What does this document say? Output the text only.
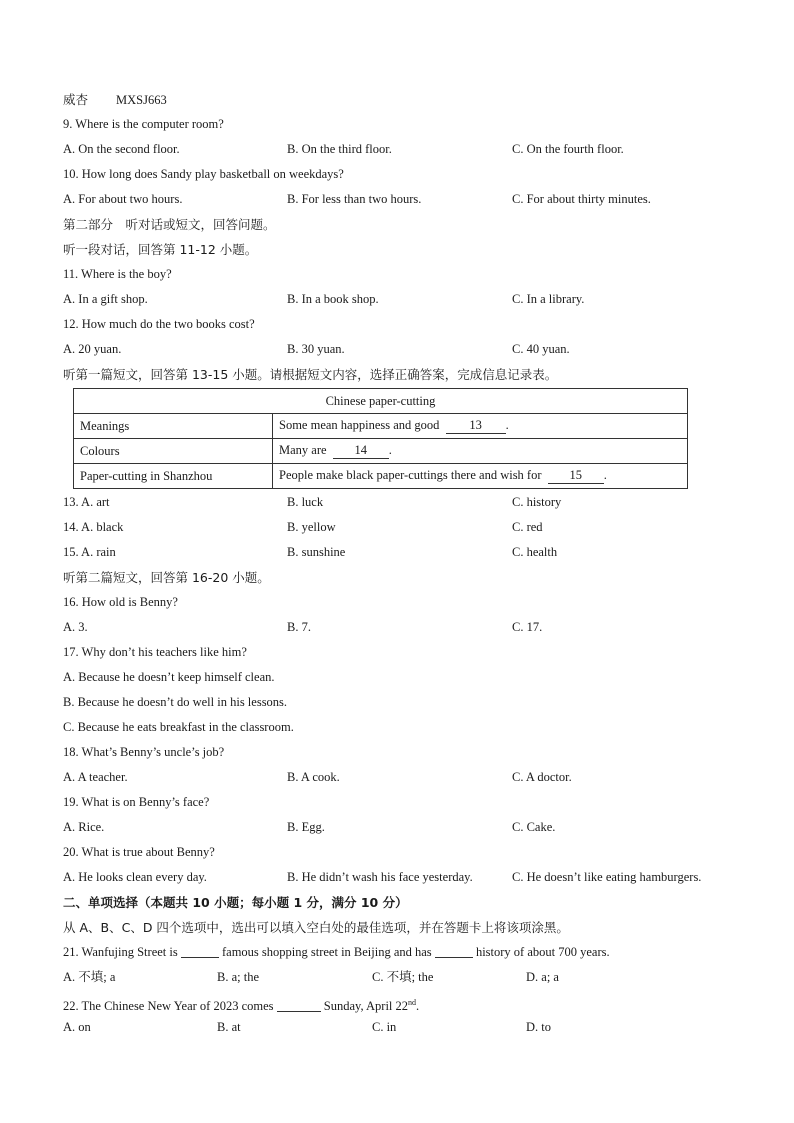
威杏 MXSJ663
9. Where is the computer room?
A. On the second floor.	B. On the third floor.	C. On the fourth floor.
10. How long does Sandy play basketball on weekdays?
A. For about two hours.	B. For less than two hours.	C. For about thirty minutes.
第二部分　听对话或短文，回答问题。
听一段对话，回答第 11-12 小题。
11. Where is the boy?
A. In a gift shop.	B. In a book shop.	C. In a library.
12. How much do the two books cost?
A. 20 yuan.	B. 30 yuan.	C. 40 yuan.
听第一篇短文，回答第 13-15 小题。请根据短文内容，选择正确答案，完成信息记录表。
Chinese paper-cutting	
Meanings	Some mean happiness and good 13 .
Colours	Many are 14 .
Paper-cutting in Shanzhou	People make black paper-cuttings there and wish for 15 .
13. A. art	B. luck	C. history
14. A. black	B. yellow	C. red
15. A. rain	B. sunshine	C. health
听第二篇短文，回答第 16-20 小题。
16. How old is Benny?
A. 3.	B. 7.	C. 17.
17. Why don’t his teachers like him?
A. Because he doesn’t keep himself clean.
B. Because he doesn’t do well in his lessons.
C. Because he eats breakfast in the classroom.
18. What’s Benny’s uncle’s job?
A. A teacher.	B. A cook.	C. A doctor.
19. What is on Benny’s face?
A. Rice.	B. Egg.	C. Cake.
20. What is true about Benny?
A. He looks clean every day.	B. He didn’t wash his face yesterday.	C. He doesn’t like eating hamburgers.
二、单项选择（本题共 10 小题；每小题 1 分，满分 10 分）
从 A、B、C、D 四个选项中，选出可以填入空白处的最佳选项，并在答题卡上将该项涂黑。
21. Wanfujing Street is	famous shopping street in Beijing and has	history of about 700 years.
A. 不填; a	B. a; the	C. 不填; the	D. a; a
22. The Chinese New Year of 2023 comes	Sunday, April 22nd.
A. on	B. at	C. in	D. to
